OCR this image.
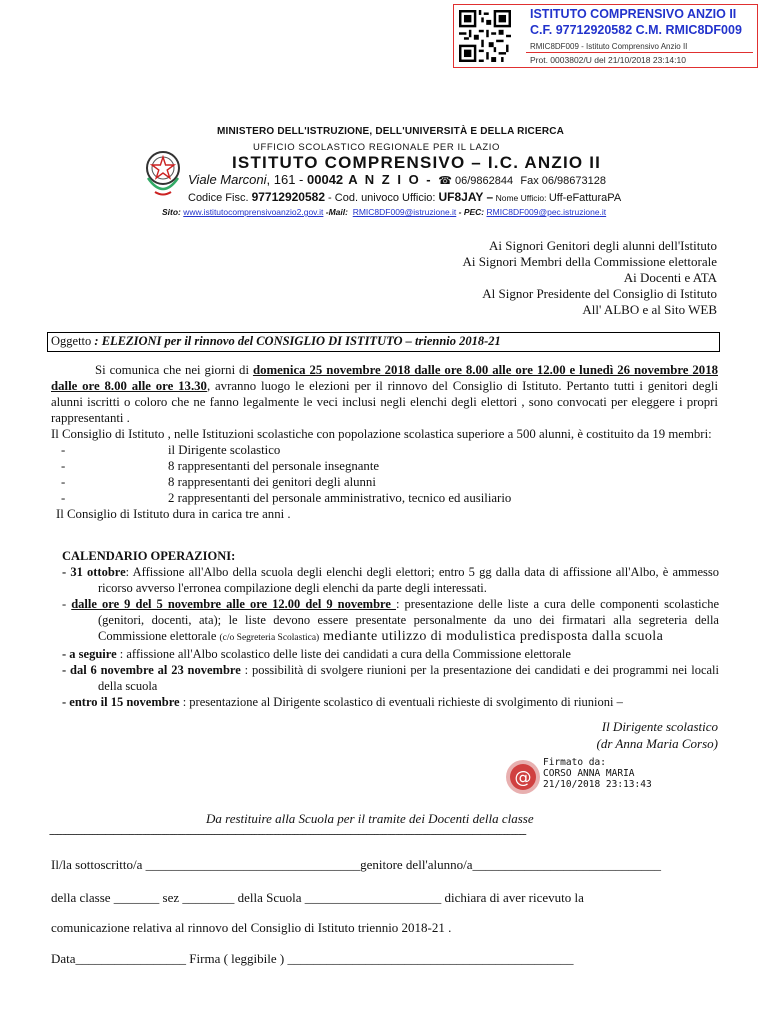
ISTITUTO COMPRENSIVO ANZIO II
C.F. 97712920582 C.M. RMIC8DF009
RMIC8DF009 - Istituto Comprensivo Anzio II
Prot. 0003802/U del 21/10/2018 23:14:10
MINISTERO DELL'ISTRUZIONE, DELL'UNIVERSITÀ E DELLA RICERCA
UFFICIO SCOLASTICO REGIONALE PER IL LAZIO
ISTITUTO COMPRENSIVO – I.C. ANZIO II
Viale Marconi, 161 - 00042 A N Z I O - ☎ 06/9862844 Fax 06/98673128
Codice Fisc. 97712920582 - Cod. univoco Ufficio: UF8JAY – Nome Ufficio: Uff-eFatturaPA
Sito: www.istitutocomprensivoanzio2.gov.it -Mail:  RMIC8DF009@istruzione.it - PEC: RMIC8DF009@pec.istruzione.it
Ai Signori Genitori degli alunni dell'Istituto
Ai Signori Membri della Commissione elettorale
Ai Docenti e ATA
Al Signor Presidente del Consiglio di Istituto
All' ALBO e al Sito WEB
Oggetto : ELEZIONI per il rinnovo del CONSIGLIO DI ISTITUTO – triennio 2018-21

Si comunica che nei giorni di domenica 25 novembre 2018 dalle ore 8.00 alle ore 12.00 e lunedì 26 novembre 2018 dalle ore 8.00 alle ore 13.30, avranno luogo le elezioni per il rinnovo del Consiglio di Istituto. Pertanto tutti i genitori degli alunni iscritti o coloro che ne fanno legalmente le veci inclusi negli elenchi degli elettori , sono convocati per eleggere i propri rappresentanti .

Il Consiglio di Istituto , nelle Istituzioni scolastiche con popolazione scolastica superiore a 500 alunni, è costituito da 19 membri:

-	il Dirigente scolastico

-	8 rappresentanti del personale insegnante

-	8 rappresentanti dei genitori degli alunni

-	2 rappresentanti del personale amministrativo, tecnico ed ausiliario

Il Consiglio di Istituto dura in carica tre anni .

CALENDARIO OPERAZIONI:

- 31 ottobre: Affissione all'Albo della scuola degli elenchi degli elettori; entro 5 gg dalla data di affissione all'Albo, è ammesso ricorso avverso l'erronea compilazione degli elenchi da parte degli interessati.

- dalle ore 9 del 5 novembre alle ore 12.00 del 9 novembre : presentazione delle liste a cura delle componenti scolastiche (genitori, docenti, ata); le liste devono essere presentate personalmente da uno dei firmatari alla segreteria della Commissione elettorale (c/o Segreteria Scolastica) mediante utilizzo di modulistica predisposta dalla scuola

- a seguire : affissione all'Albo scolastico delle liste dei candidati a cura della Commissione elettorale

- dal 6 novembre al 23 novembre : possibilità di svolgere riunioni per la presentazione dei candidati e dei programmi nei locali della scuola

- entro il 15 novembre : presentazione al Dirigente scolastico di eventuali richieste di svolgimento di riunioni –

Il Dirigente scolastico
(dr Anna Maria Corso)
@
Firmato da:
CORSO ANNA MARIA
21/10/2018 23:13:43
Da restituire alla Scuola per il tramite dei Docenti della classe
-----------------------------------------------------------------------------------------------------------------------------------------------------------------------------------
Il/la sottoscritto/a _________________________________genitore dell'alunno/a_____________________________
della classe _______ sez ________ della Scuola _____________________ dichiara di aver ricevuto la
comunicazione relativa al rinnovo del Consiglio di Istituto triennio 2018-21 .
Data_________________ Firma ( leggibile ) ____________________________________________
